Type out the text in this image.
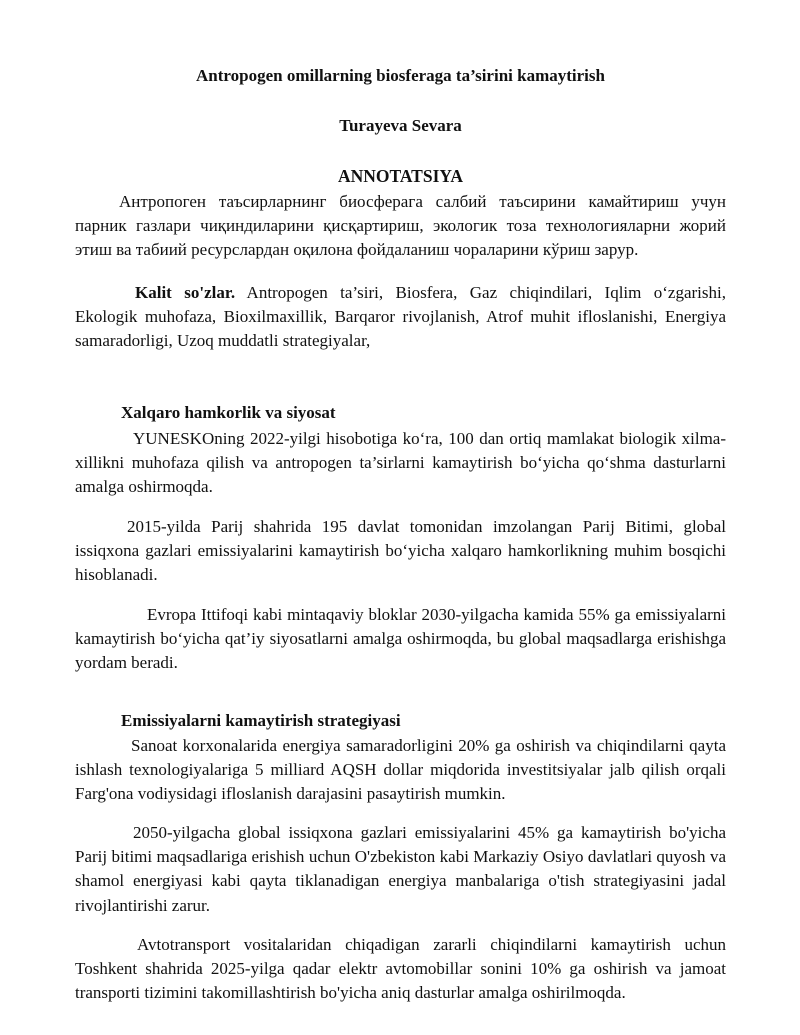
Antropogen omillarning biosferaga ta’sirini kamaytirish
Turayeva Sevara
ANNOTATSIYA

Антропоген таъсирларнинг биосферага салбий таъсирини камайтириш учун парник газлари чиқиндиларини қисқартириш, экологик тоза технологияларни жорий этиш ва табиий ресурслардан оқилона фойдаланиш чораларини кўриш зарур.

Kalit so'zlar. Antropogen ta’siri, Biosfera, Gaz chiqindilari, Iqlim o‘zgarishi, Ekologik muhofaza, Bioxilmaxillik, Barqaror rivojlanish, Atrof muhit ifloslanishi, Energiya samaradorligi, Uzoq muddatli strategiyalar,

Xalqaro hamkorlik va siyosat

YUNESKOning 2022-yilgi hisobotiga ko‘ra, 100 dan ortiq mamlakat biologik xilma-xillikni muhofaza qilish va antropogen ta’sirlarni kamaytirish bo‘yicha qo‘shma dasturlarni amalga oshirmoqda.

2015-yilda Parij shahrida 195 davlat tomonidan imzolangan Parij Bitimi, global issiqxona gazlari emissiyalarini kamaytirish bo‘yicha xalqaro hamkorlikning muhim bosqichi hisoblanadi.

Evropa Ittifoqi kabi mintaqaviy bloklar 2030-yilgacha kamida 55% ga emissiyalarni kamaytirish bo‘yicha qat’iy siyosatlarni amalga oshirmoqda, bu global maqsadlarga erishishga yordam beradi.

Emissiyalarni kamaytirish strategiyasi

Sanoat korxonalarida energiya samaradorligini 20% ga oshirish va chiqindilarni qayta ishlash texnologiyalariga 5 milliard AQSH dollar miqdorida investitsiyalar jalb qilish orqali Farg'ona vodiysidagi ifloslanish darajasini pasaytirish mumkin.

2050-yilgacha global issiqxona gazlari emissiyalarini 45% ga kamaytirish bo'yicha Parij bitimi maqsadlariga erishish uchun O'zbekiston kabi Markaziy Osiyo davlatlari quyosh va shamol energiyasi kabi qayta tiklanadigan energiya manbalariga o'tish strategiyasini jadal rivojlantirishi zarur.

Avtotransport vositalaridan chiqadigan zararli chiqindilarni kamaytirish uchun Toshkent shahrida 2025-yilga qadar elektr avtomobillar sonini 10% ga oshirish va jamoat transporti tizimini takomillashtirish bo'yicha aniq dasturlar amalga oshirilmoqda.
